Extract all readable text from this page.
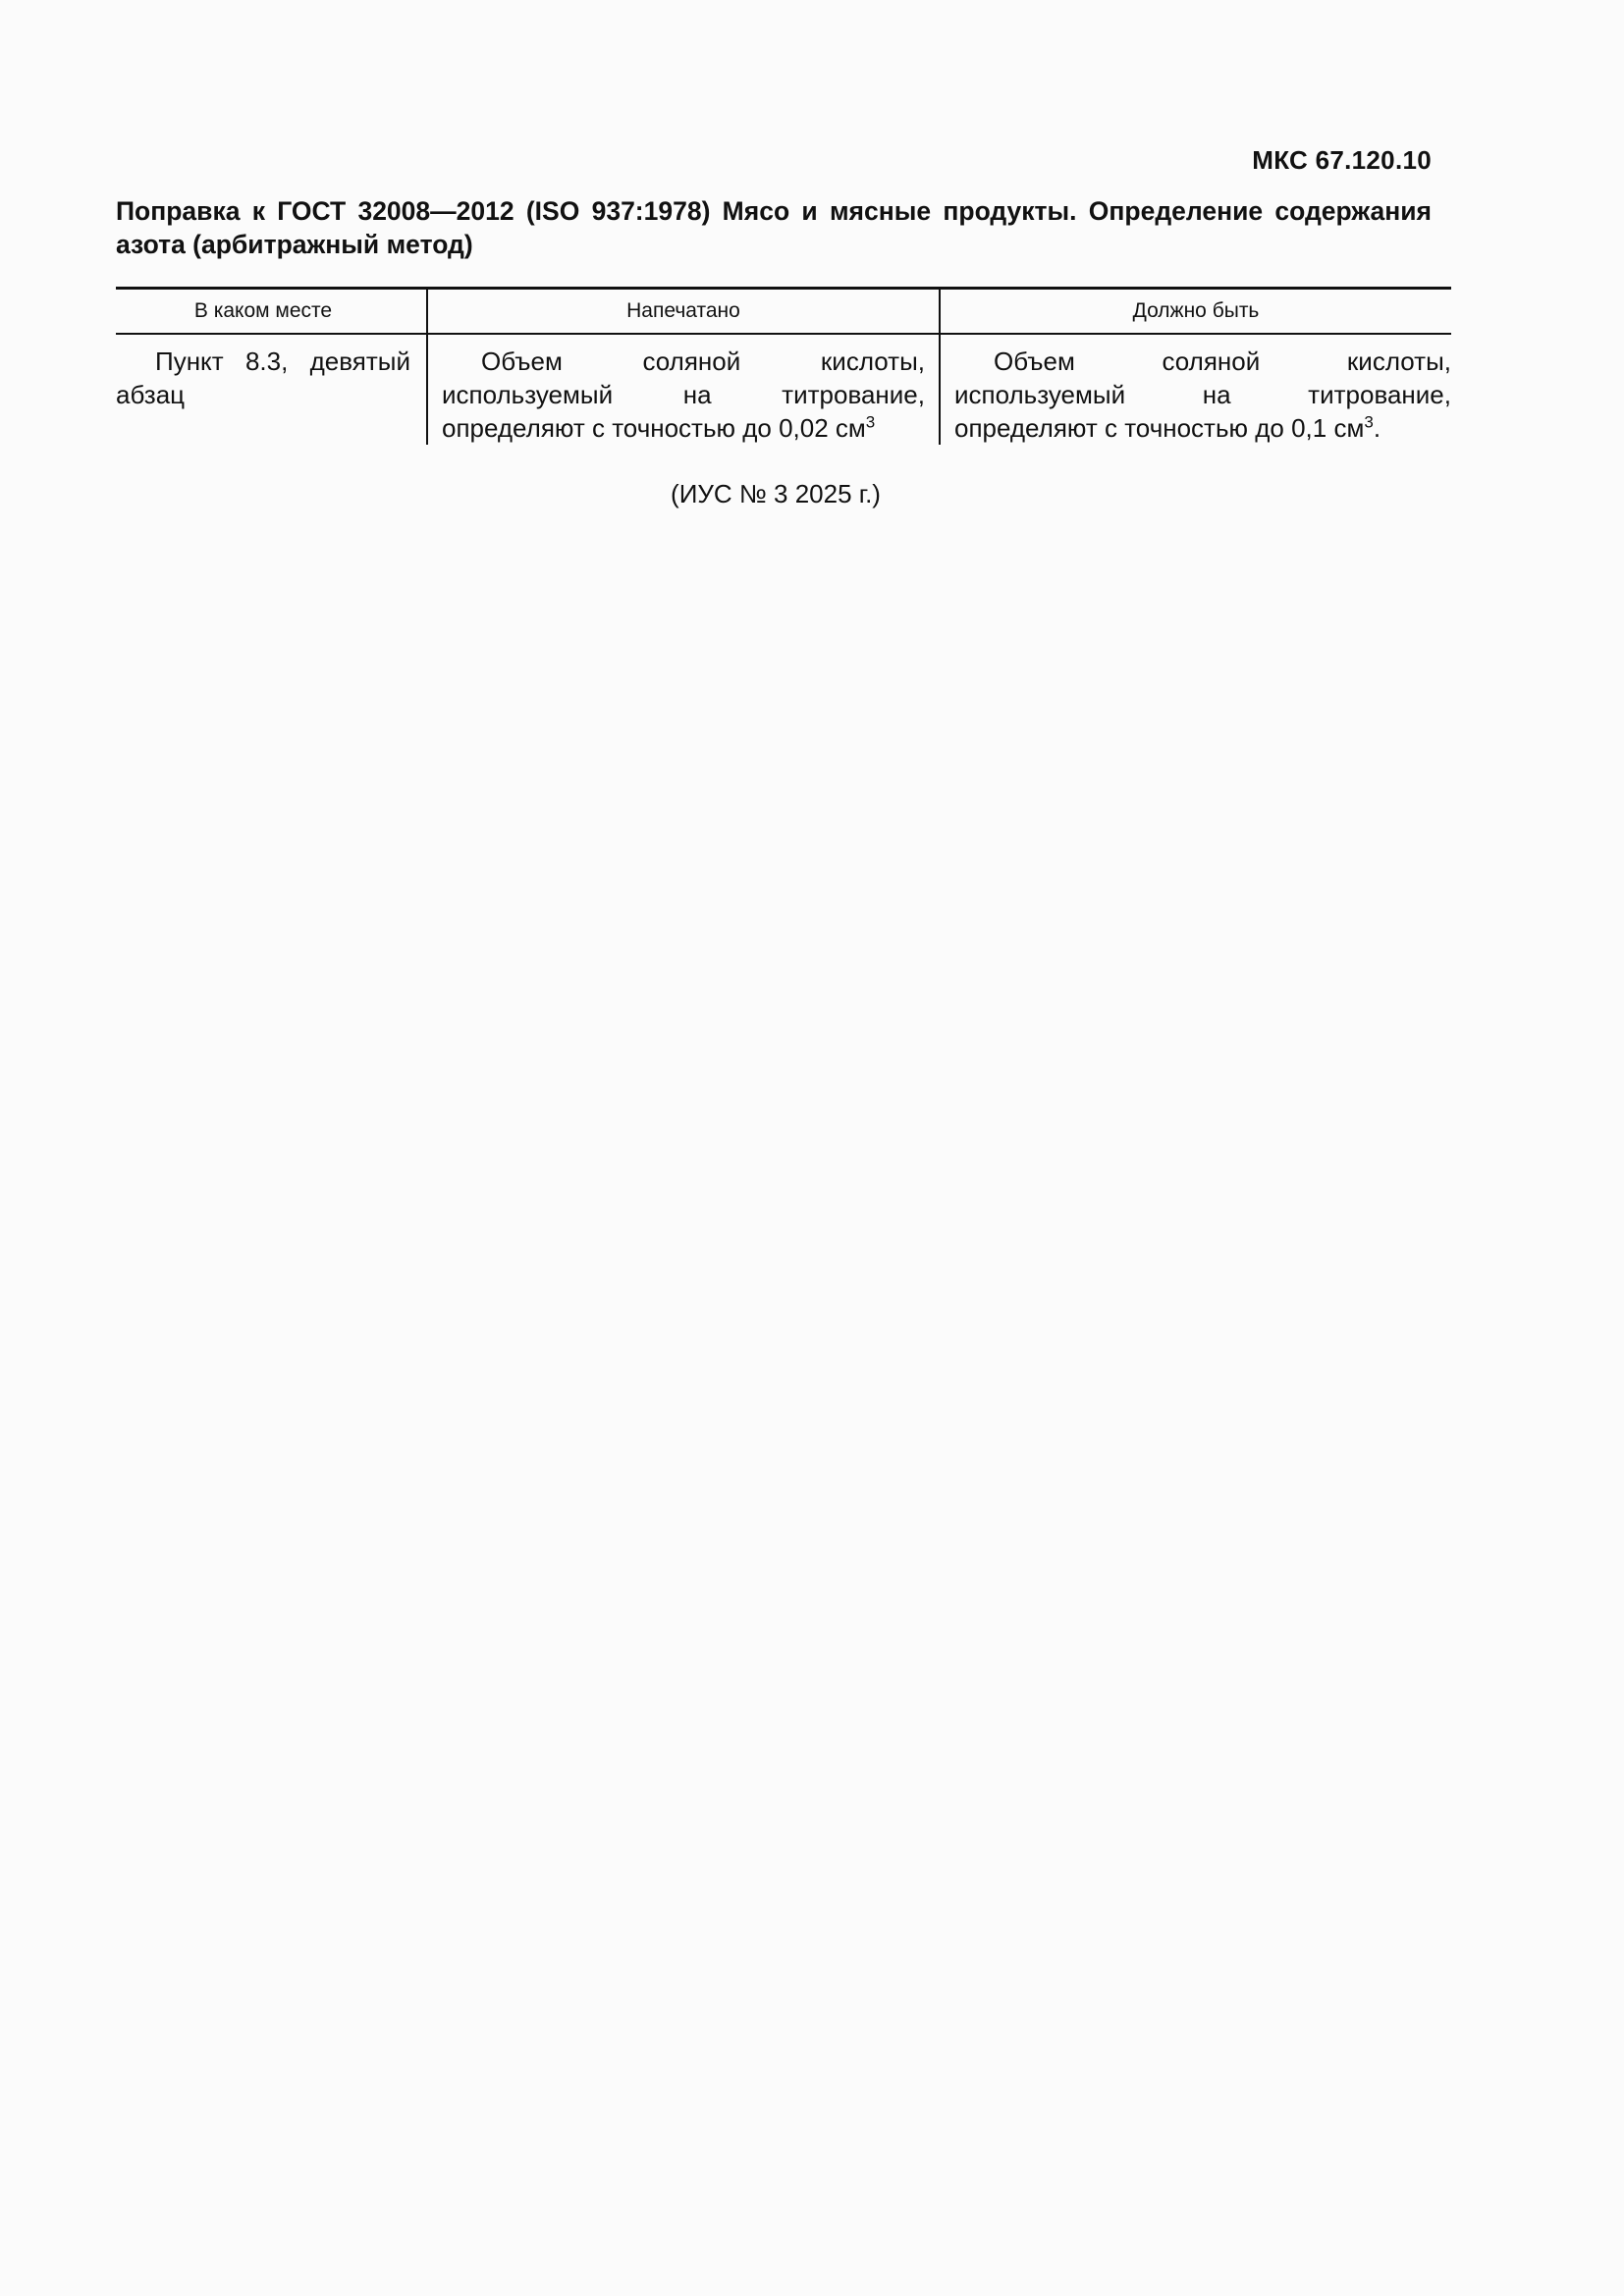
МКС 67.120.10
Поправка к ГОСТ 32008—2012 (ISO 937:1978) Мясо и мясные продукты. Определение содержания азота (арбитражный метод)
В каком месте	Напечатано	Должно быть
Пункт 8.3, девятый абзац	Объем соляной кислоты, используемый на титрование, определяют с точностью до 0,02 $см^3$	Объем соляной кислоты, используемый на титрование, определяют с точностью до 0,1 $см^3$.
(ИУС № 3 2025 г.)
